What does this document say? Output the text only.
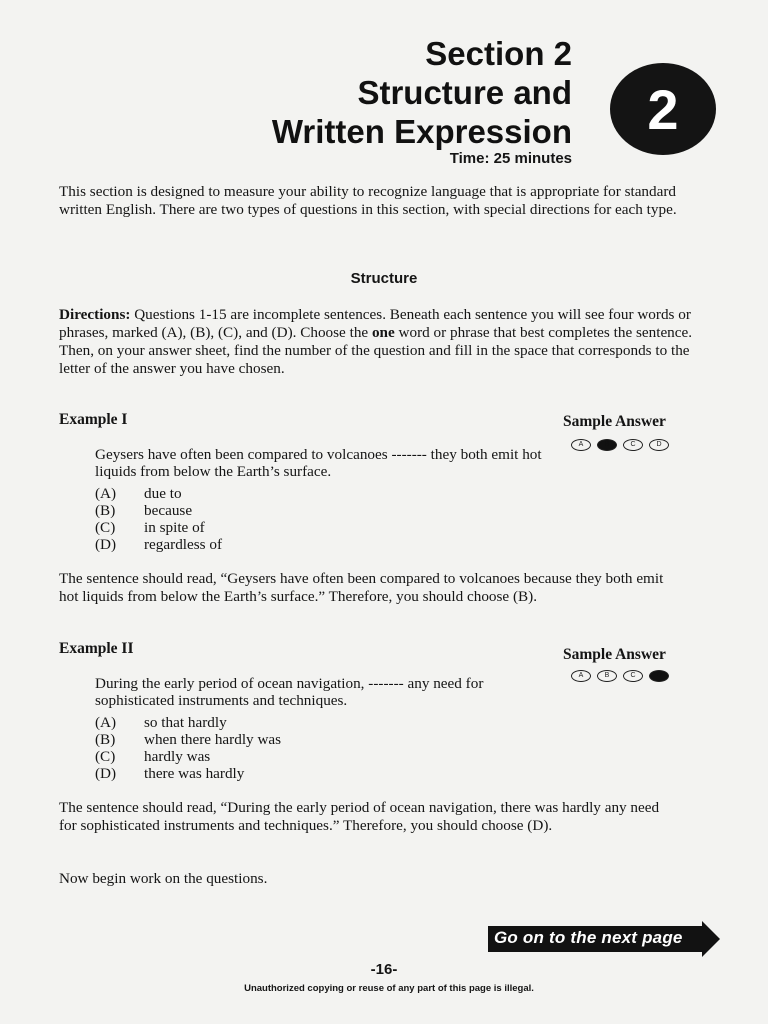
Section 2
Structure and
Written Expression
Time: 25 minutes
2
This section is designed to measure your ability to recognize language that is appropriate for standard written English. There are two types of questions in this section, with special directions for each type.
Structure
Directions: Questions 1-15 are incomplete sentences. Beneath each sentence you will see four words or phrases, marked (A), (B), (C), and (D). Choose the one word or phrase that best completes the sentence. Then, on your answer sheet, find the number of the question and fill in the space that corresponds to the letter of the answer you have chosen.
Example I	Sample Answer
A	B	C	D
Geysers have often been compared to volcanoes ------- they both emit hot liquids from below the Earth’s surface.
(A)	due to
(B)	because
(C)	in spite of
(D)	regardless of
The sentence should read, “Geysers have often been compared to volcanoes because they both emit hot liquids from below the Earth’s surface.” Therefore, you should choose (B).
Example II	Sample Answer
A	B	C	D
During the early period of ocean navigation, ------- any need for sophisticated instruments and techniques.
(A)	so that hardly
(B)	when there hardly was
(C)	hardly was
(D)	there was hardly
The sentence should read, “During the early period of ocean navigation, there was hardly any need for sophisticated instruments and techniques.” Therefore, you should choose (D).
Now begin work on the questions.
Go on to the next page
-16-
Unauthorized copying or reuse of any part of this page is illegal.
